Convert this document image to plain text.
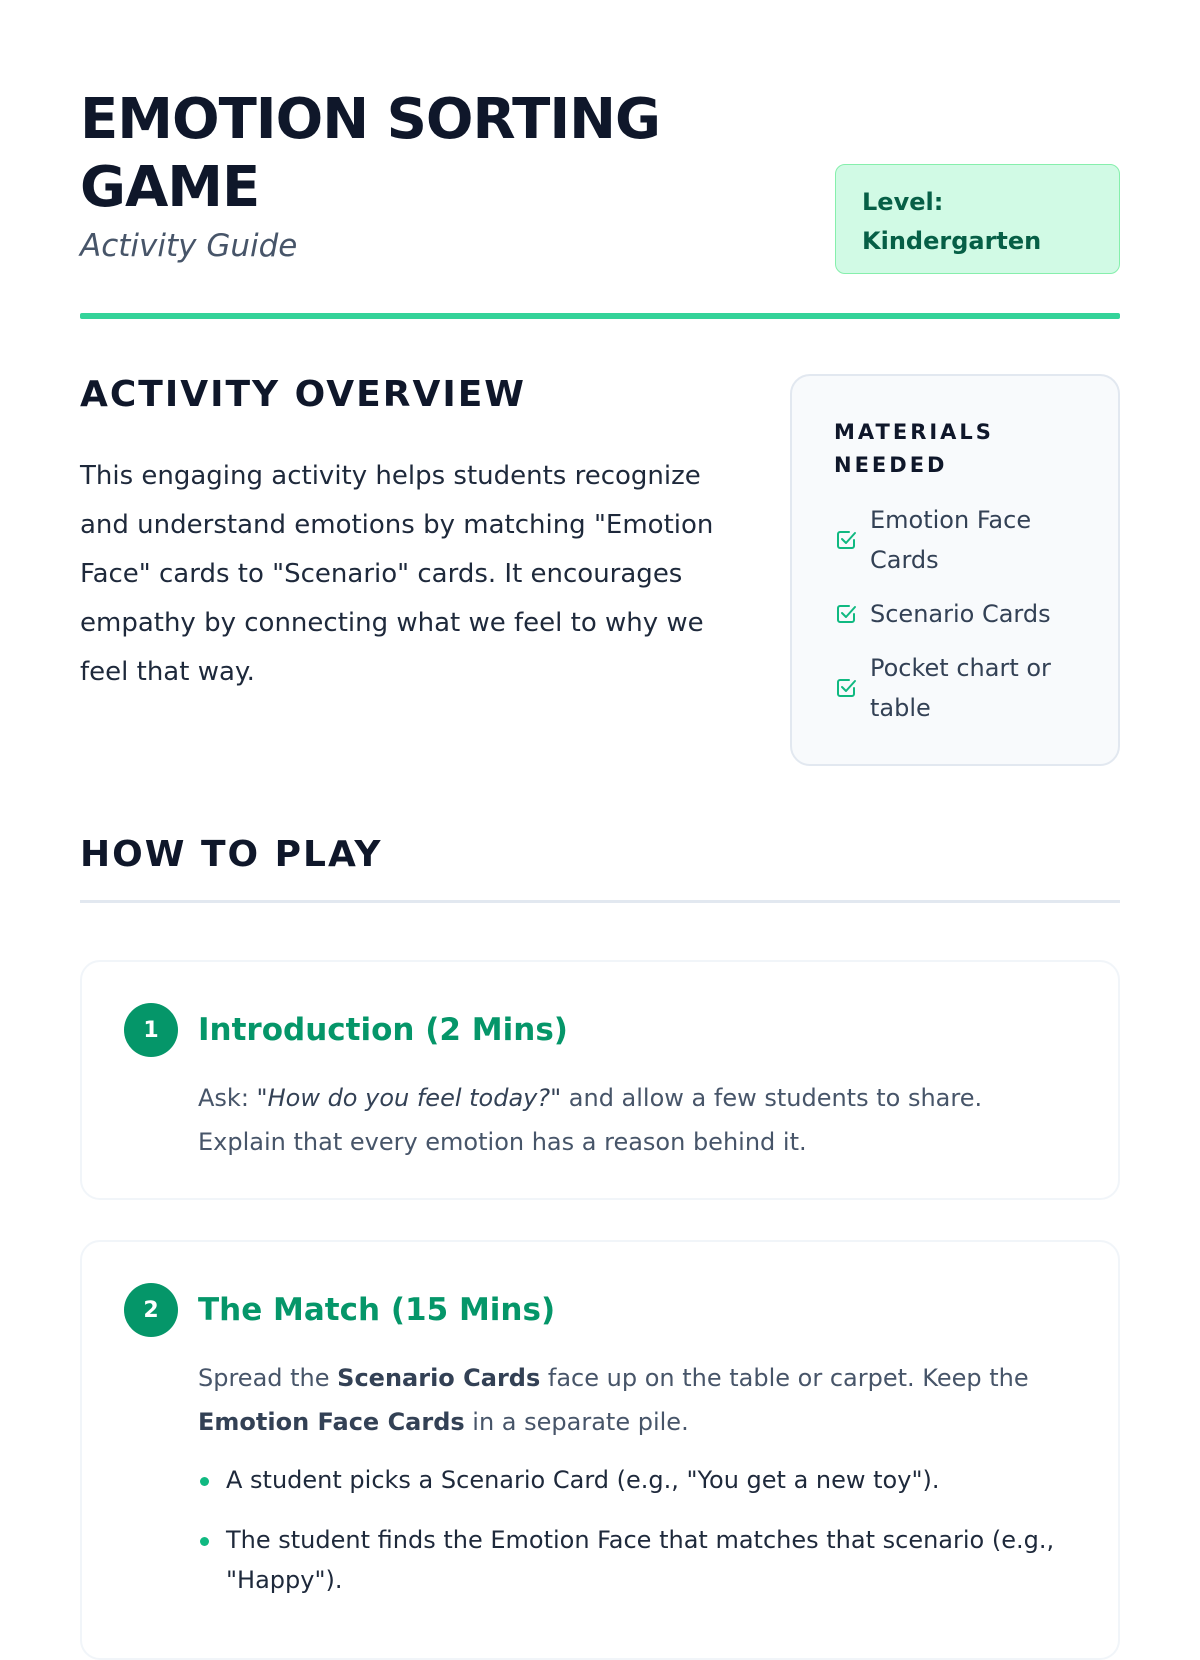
EMOTION SORTING GAME

Activity Guide

Level:
Kindergarten
ACTIVITY OVERVIEW

This engaging activity helps students recognize and understand emotions by matching "Emotion Face" cards to "Scenario" cards. It encourages empathy by connecting what we feel to why we feel that way.

MATERIALS NEEDED
Emotion Face Cards
Scenario Cards
Pocket chart or table
HOW TO PLAY
1	Introduction (2 Mins)

Ask: "How do you feel today?" and allow a few students to share. Explain that every emotion has a reason behind it.

2	The Match (15 Mins)

Spread the Scenario Cards face up on the table or carpet. Keep the Emotion Face Cards in a separate pile.

A student picks a Scenario Card (e.g., "You get a new toy").
The student finds the Emotion Face that matches that scenario (e.g., "Happy").
